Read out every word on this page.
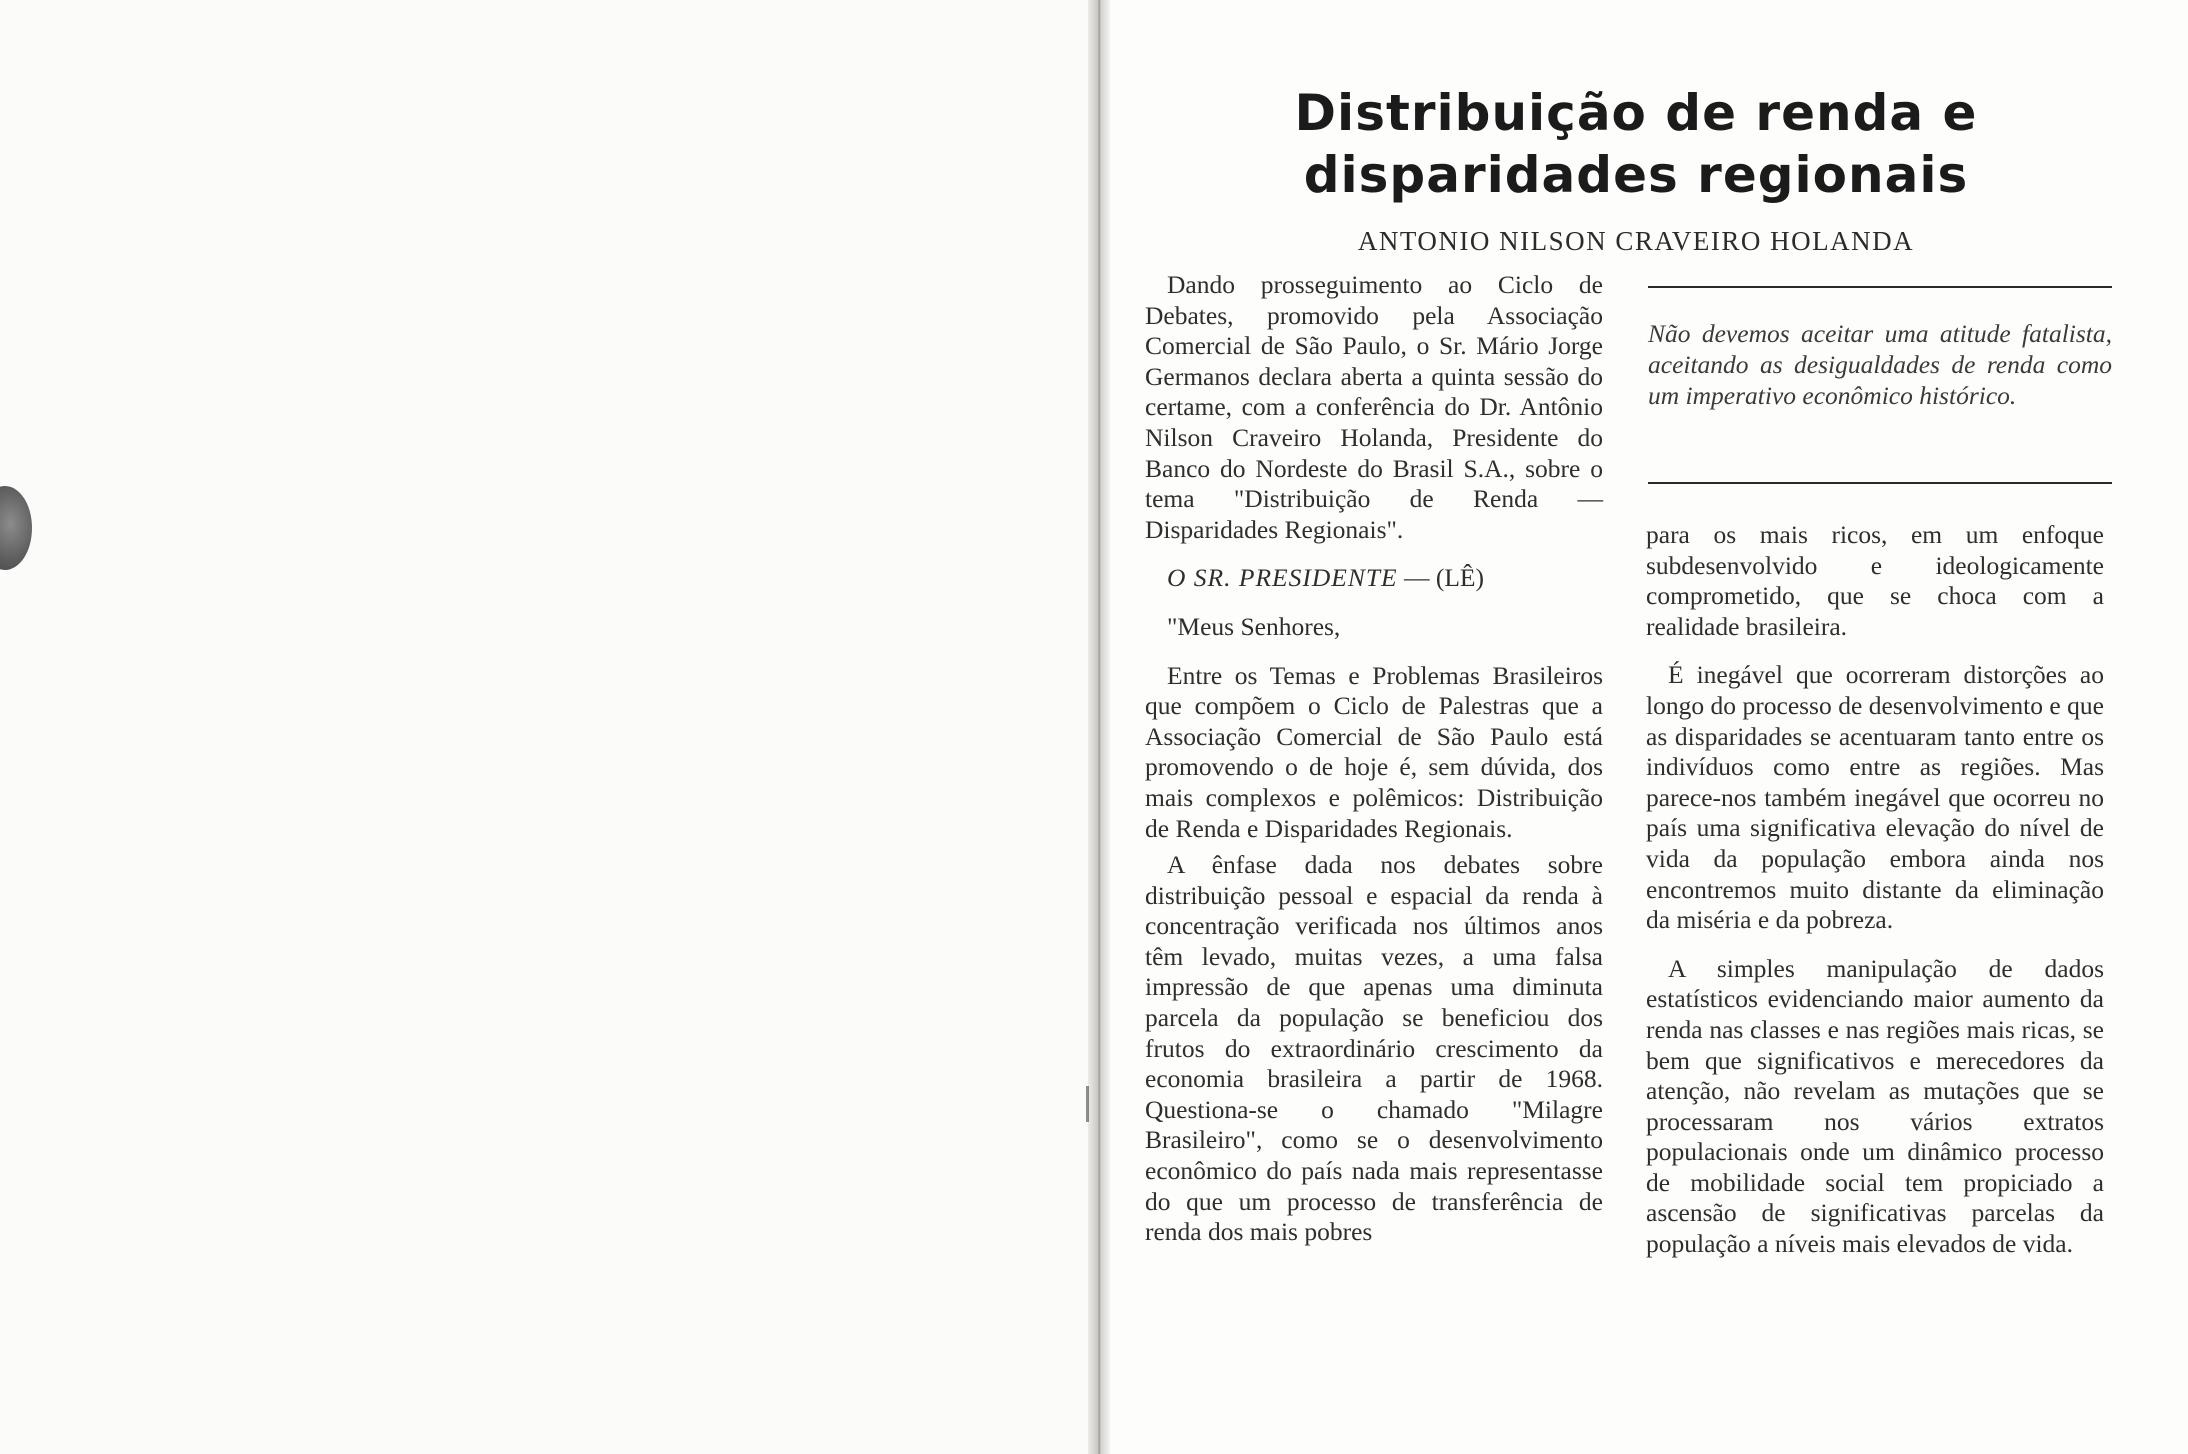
Distribuição de renda e disparidades regionais
ANTONIO NILSON CRAVEIRO HOLANDA

Dando prosseguimento ao Ciclo de Debates, promovido pela Associação Comercial de São Paulo, o Sr. Mário Jorge Germanos declara aberta a quinta sessão do certame, com a conferência do Dr. Antônio Nilson Craveiro Holanda, Presidente do Banco do Nordeste do Brasil S.A., sobre o tema "Distribuição de Renda — Disparidades Regionais".

O SR. PRESIDENTE — (LÊ)

"Meus Senhores,

Entre os Temas e Problemas Brasileiros que compõem o Ciclo de Palestras que a Associação Comercial de São Paulo está promovendo o de hoje é, sem dúvida, dos mais complexos e polêmicos: Distribuição de Renda e Disparidades Regionais.

A ênfase dada nos debates sobre distribuição pessoal e espacial da renda à concentração verificada nos últimos anos têm levado, muitas vezes, a uma falsa impressão de que apenas uma diminuta parcela da população se beneficiou dos frutos do extraordinário crescimento da economia brasileira a partir de 1968. Questiona-se o chamado "Milagre Brasileiro", como se o desenvolvimento econômico do país nada mais representasse do que um processo de transferência de renda dos mais pobres

Não devemos aceitar uma atitude fatalista, aceitando as desigualdades de renda como um imperativo econômico histórico.

para os mais ricos, em um enfoque subdesenvolvido e ideologicamente comprometido, que se choca com a realidade brasileira.

É inegável que ocorreram distorções ao longo do processo de desenvolvimento e que as disparidades se acentuaram tanto entre os indivíduos como entre as regiões. Mas parece-nos também inegável que ocorreu no país uma significativa elevação do nível de vida da população embora ainda nos encontremos muito distante da eliminação da miséria e da pobreza.

A simples manipulação de dados estatísticos evidenciando maior aumento da renda nas classes e nas regiões mais ricas, se bem que significativos e merecedores da atenção, não revelam as mutações que se processaram nos vários extratos populacionais onde um dinâmico processo de mobilidade social tem propiciado a ascensão de significativas parcelas da população a níveis mais elevados de vida.
